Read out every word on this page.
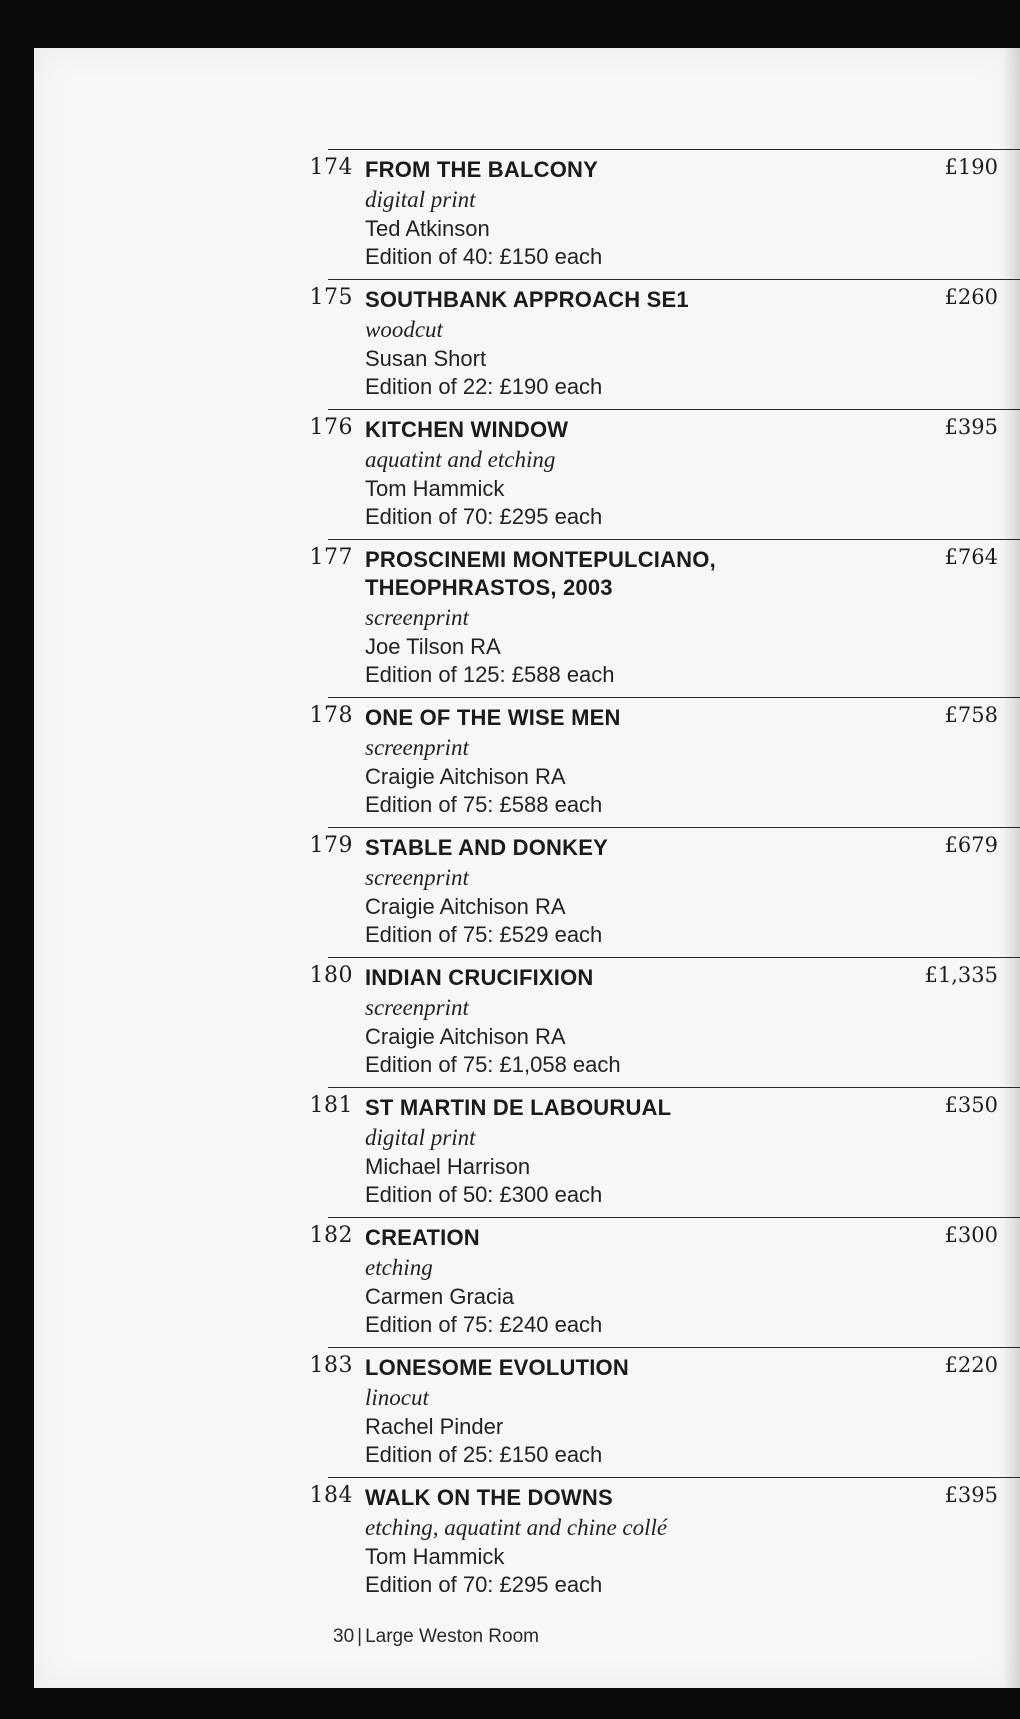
174 FROM THE BALCONY
digital print
Ted Atkinson
Edition of 40: £150 each
£190
175 SOUTHBANK APPROACH SE1
woodcut
Susan Short
Edition of 22: £190 each
£260
176 KITCHEN WINDOW
aquatint and etching
Tom Hammick
Edition of 70: £295 each
£395
177 PROSCINEMI MONTEPULCIANO,
THEOPHRASTOS, 2003
screenprint
Joe Tilson RA
Edition of 125: £588 each
£764
178 ONE OF THE WISE MEN
screenprint
Craigie Aitchison RA
Edition of 75: £588 each
£758
179 STABLE AND DONKEY
screenprint
Craigie Aitchison RA
Edition of 75: £529 each
£679
180 INDIAN CRUCIFIXION
screenprint
Craigie Aitchison RA
Edition of 75: £1,058 each
£1,335
181 ST MARTIN DE LABOURUAL
digital print
Michael Harrison
Edition of 50: £300 each
£350
182 CREATION
etching
Carmen Gracia
Edition of 75: £240 each
£300
183 LONESOME EVOLUTION
linocut
Rachel Pinder
Edition of 25: £150 each
£220
184 WALK ON THE DOWNS
etching, aquatint and chine collé
Tom Hammick
Edition of 70: £295 each
£395
30 | Large Weston Room
